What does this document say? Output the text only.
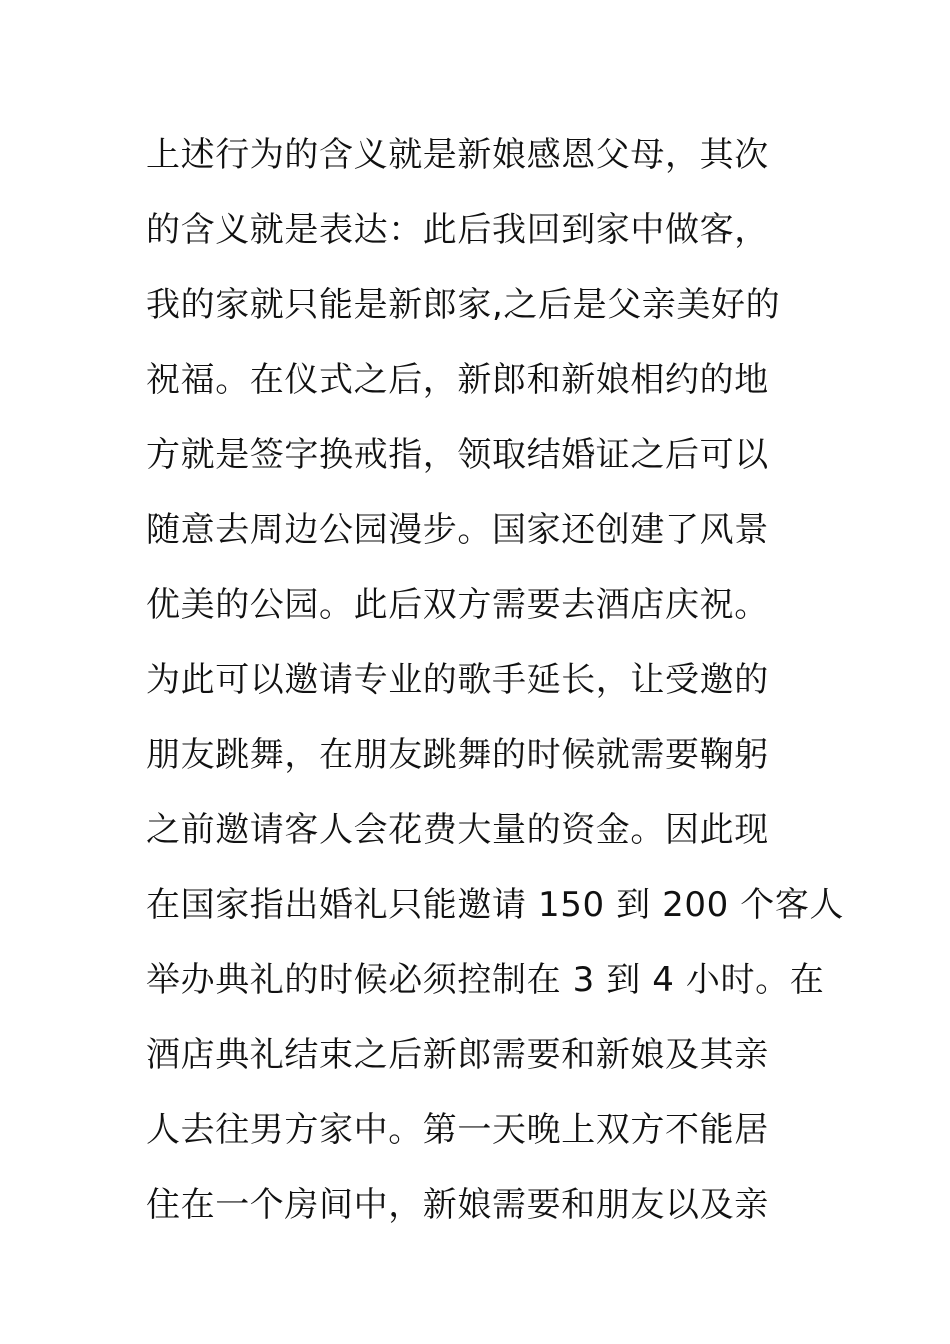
上述行为的含义就是新娘感恩父母，其次
的含义就是表达：此后我回到家中做客，
我的家就只能是新郎家,之后是父亲美好的
祝福。在仪式之后，新郎和新娘相约的地
方就是签字换戒指，领取结婚证之后可以
随意去周边公园漫步。国家还创建了风景
优美的公园。此后双方需要去酒店庆祝。
为此可以邀请专业的歌手延长，让受邀的
朋友跳舞，在朋友跳舞的时候就需要鞠躬
之前邀请客人会花费大量的资金。因此现
在国家指出婚礼只能邀请 150 到 200 个客人
举办典礼的时候必须控制在 3 到 4 小时。在
酒店典礼结束之后新郎需要和新娘及其亲
人去往男方家中。第一天晚上双方不能居
住在一个房间中，新娘需要和朋友以及亲
